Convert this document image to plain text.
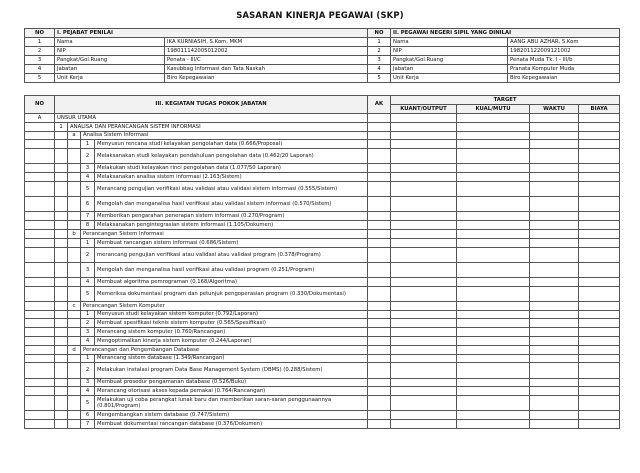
SASARAN KINERJA PEGAWAI (SKP)
NO	I. PEJABAT PENILAI		NO	II. PEGAWAI NEGERI SIPIL YANG DINILAI	
1	Nama	IKA KURNIASIH, S.Kom, MKM	1	Nama	AANG ABU AZHAR, S.Kom
2	NIP	198011142005012002	2	NIP	198201122009121002
3	Pangkat/Gol.Ruang	Penata - III/C	3	Pangkat/Gol.Ruang	Penata Muda Tk. I - III/b
4	Jabatan	Kasubbag Informasi dan Tata Naskah	4	Jabatan	Pranata Komputer Muda
5	Unit Kerja	Biro Kepegawaian	5	Unit Kerja	Biro Kepegawaian
NO	III. KEGIATAN TUGAS POKOK JABATAN				AK	TARGET			
						KUANT/OUTPUT	KUAL/MUTU	WAKTU	BIAYA
A	UNSUR UTAMA								
	1	ANALISA DAN PERANCANGAN SISTEM INFORMASI							
		a	Analisa Sistem Informasi						
			1	Menyusun rencana studi kelayakan pengolahan data (0.666/Proposal)					
			2	Melaksanakan studi kelayakan pendahuluan pengolahan data (0.462/20 Laporan)					
			3	Melakukan studi kelayakan rinci pengolahan data (1.077/50 Laporan)					
			4	Melaksanakan analisa sistem informasi (2.163/Sistem)					
			5	Merancang pengujian verifikasi atau validasi atau validasi sistem informasi (0.555/Sistem)					
			6	Mengolah dan menganalisa hasil verifikasi atau validasi sistem informasi (0.570/Sistem)					
			7	Memberikan pengarahan penerapan sistem informasi (0.270/Program)					
			8	Melaksanakan pengintegrasian sistem informasi (1.105/Dokumen)					
		b	Perancangan Sistem Informasi						
			1	Membuat rancangan sistem informasi (0.686/Sistem)					
			2	merancang pengujian verifikasi atau validasi atau validasi program (0.378/Program)					
			3	Mengolah dan menganalisa hasil verifikasi atau validasi program (0.251/Program)					
			4	Membuat algoritma pemrograman (0.168/Algoritma)					
			5	Memeriksa dokumentasi program dan petunjuk pengoperasian program (0.330/Dokumentasi)					
		c	Perancangan Sistem Komputer						
			1	Menyusun studi kelayakan sistem komputer (0.792/Laporan)					
			2	Membuat spesifikasi teknis sistem komputer (0.565/Spesifikasi)					
			3	Merancang sistem komputer (0.760/Rancangan)					
			4	Mengoptimalkan kinerja sistem komputer (0.244/Laporan)					
		d	Perancangan dan Pengembangan Database						
			1	Merancang sistem database (1.349/Rancangan)					
			2	Melakukan instalasi program Data Base Management System (DBMS) (0.288/Sistem)					
			3	Membuat prosedur pengamanan database (0.526/Buku)					
			4	Merancang otorisasi akses kepada pemakai (0.764/Rancangan)					
			5	Melakukan uji coba perangkat lunak baru dan memberikan saran-saran penggunaannya (0.801/Program)					
			6	Mengembangkan sistem database (0.747/Sistem)					
			7	Membuat dokumentasi rancangan database (0.376/Dokumen)					
